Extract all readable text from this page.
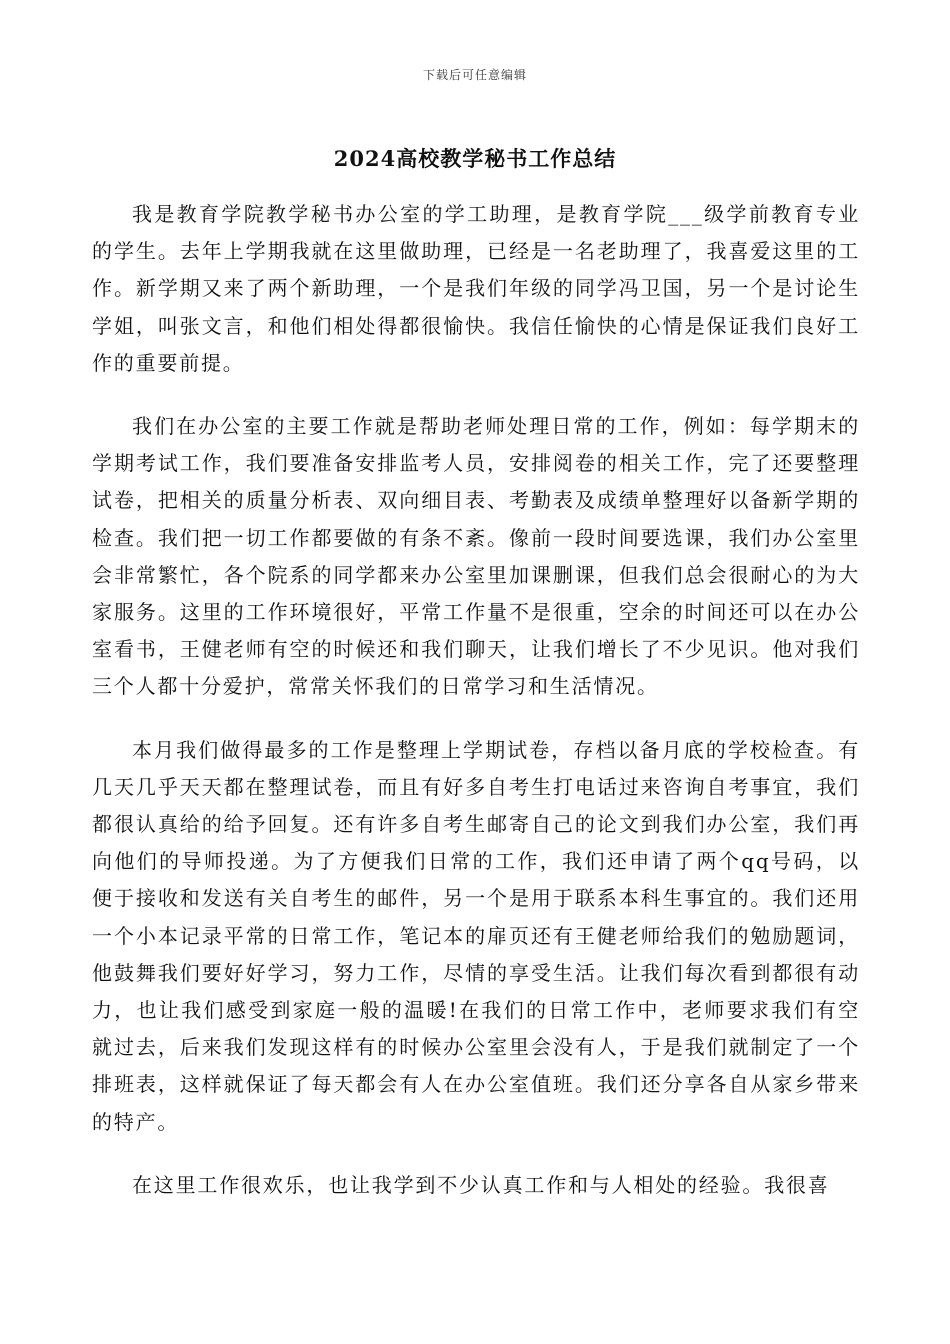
下载后可任意编辑
2024高校教学秘书工作总结

我是教育学院教学秘书办公室的学工助理，是教育学院___级学前教育专业的学生。去年上学期我就在这里做助理，已经是一名老助理了，我喜爱这里的工作。新学期又来了两个新助理，一个是我们年级的同学冯卫国，另一个是讨论生学姐，叫张文言，和他们相处得都很愉快。我信任愉快的心情是保证我们良好工作的重要前提。

我们在办公室的主要工作就是帮助老师处理日常的工作，例如：每学期末的学期考试工作，我们要准备安排监考人员，安排阅卷的相关工作，完了还要整理试卷，把相关的质量分析表、双向细目表、考勤表及成绩单整理好以备新学期的检查。我们把一切工作都要做的有条不紊。像前一段时间要选课，我们办公室里会非常繁忙，各个院系的同学都来办公室里加课删课，但我们总会很耐心的为大家服务。这里的工作环境很好，平常工作量不是很重，空余的时间还可以在办公室看书，王健老师有空的时候还和我们聊天，让我们增长了不少见识。他对我们三个人都十分爱护，常常关怀我们的日常学习和生活情况。

本月我们做得最多的工作是整理上学期试卷，存档以备月底的学校检查。有几天几乎天天都在整理试卷，而且有好多自考生打电话过来咨询自考事宜，我们都很认真给的给予回复。还有许多自考生邮寄自己的论文到我们办公室，我们再向他们的导师投递。为了方便我们日常的工作，我们还申请了两个qq号码，以便于接收和发送有关自考生的邮件，另一个是用于联系本科生事宜的。我们还用一个小本记录平常的日常工作，笔记本的扉页还有王健老师给我们的勉励题词，他鼓舞我们要好好学习，努力工作，尽情的享受生活。让我们每次看到都很有动力，也让我们感受到家庭一般的温暖!在我们的日常工作中，老师要求我们有空就过去，后来我们发现这样有的时候办公室里会没有人，于是我们就制定了一个排班表，这样就保证了每天都会有人在办公室值班。我们还分享各自从家乡带来的特产。

在这里工作很欢乐，也让我学到不少认真工作和与人相处的经验。我很喜
